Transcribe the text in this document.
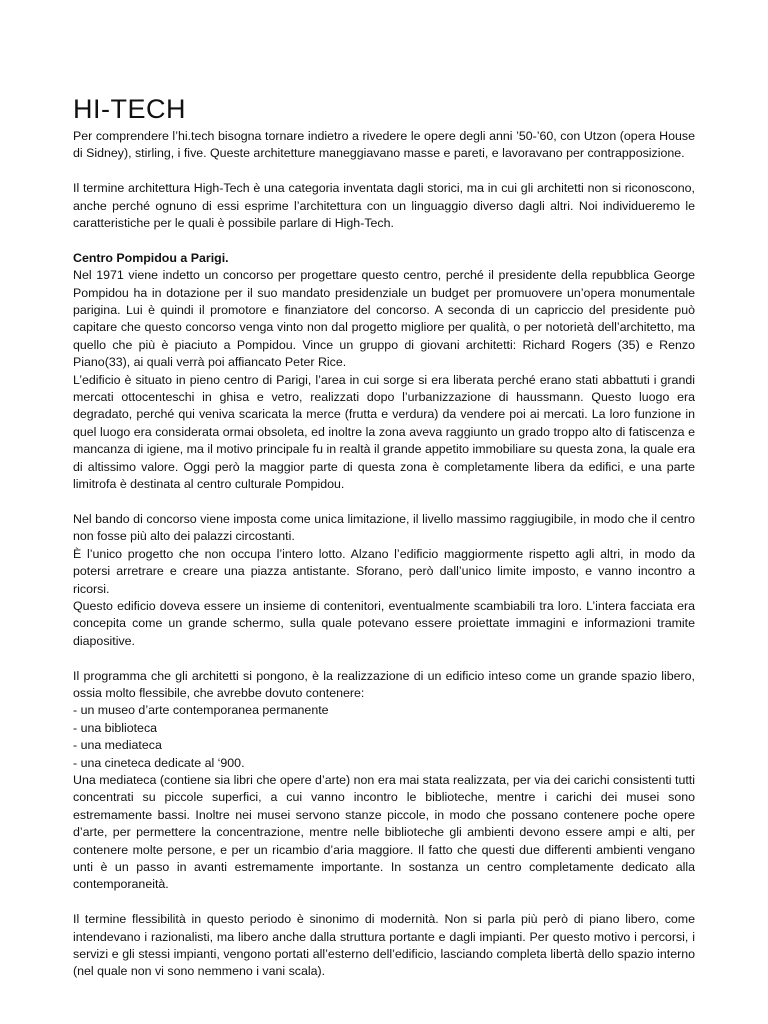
HI-TECH

Per comprendere l’hi.tech bisogna tornare indietro a rivedere le opere degli anni ’50-’60, con Utzon (opera House di Sidney), stirling, i five. Queste architetture maneggiavano masse e pareti, e lavoravano per contrapposizione.

Il termine architettura High-Tech è una categoria inventata dagli storici, ma in cui gli architetti non si riconoscono, anche perché ognuno di essi esprime l’architettura con un linguaggio diverso dagli altri. Noi individueremo le caratteristiche per le quali è possibile parlare di High-Tech.

Centro Pompidou a Parigi.

Nel 1971 viene indetto un concorso per progettare questo centro, perché il presidente della repubblica George Pompidou ha in dotazione per il suo mandato presidenziale un budget per promuovere un’opera monumentale parigina. Lui è quindi il promotore e finanziatore del concorso. A seconda di un capriccio del presidente può capitare che questo concorso venga vinto non dal progetto migliore per qualità, o per notorietà dell’architetto, ma quello che più è piaciuto a Pompidou. Vince un gruppo di giovani architetti: Richard Rogers (35) e Renzo Piano(33), ai quali verrà poi affiancato Peter Rice.

L’edificio è situato in pieno centro di Parigi, l’area in cui sorge si era liberata perché erano stati abbattuti i grandi mercati ottocenteschi in ghisa e vetro, realizzati dopo l’urbanizzazione di haussmann. Questo luogo era degradato, perché qui veniva scaricata la merce (frutta e verdura) da vendere poi ai mercati. La loro funzione in quel luogo era considerata ormai obsoleta, ed inoltre la zona aveva raggiunto un grado troppo alto di fatiscenza e mancanza di igiene, ma il motivo principale fu in realtà il grande appetito immobiliare su questa zona, la quale era di altissimo valore. Oggi però la maggior parte di questa zona è completamente libera da edifici, e una parte limitrofa è destinata al centro culturale Pompidou.

Nel bando di concorso viene imposta come unica limitazione, il livello massimo raggiugibile, in modo che il centro non fosse più alto dei palazzi circostanti.

È l’unico progetto che non occupa l’intero lotto. Alzano l’edificio maggiormente rispetto agli altri, in modo da potersi arretrare e creare una piazza antistante. Sforano, però dall’unico limite imposto, e vanno incontro a ricorsi.

Questo edificio doveva essere un insieme di contenitori, eventualmente scambiabili tra loro. L’intera facciata era concepita come un grande schermo, sulla quale potevano essere proiettate immagini e informazioni tramite diapositive.

Il programma che gli architetti si pongono, è la realizzazione di un edificio inteso come un grande spazio libero, ossia molto flessibile, che avrebbe dovuto contenere:

- un museo d’arte contemporanea permanente
- una biblioteca
- una mediateca
- una cineteca dedicate al ‘900.

Una mediateca (contiene sia libri che opere d’arte) non era mai stata realizzata, per via dei carichi consistenti tutti concentrati su piccole superfici, a cui vanno incontro le biblioteche, mentre i carichi dei musei sono estremamente bassi. Inoltre nei musei servono stanze piccole, in modo che possano contenere poche opere d’arte, per permettere la concentrazione, mentre nelle biblioteche gli ambienti devono essere ampi e alti, per contenere molte persone, e per un ricambio d’aria maggiore. Il fatto che questi due differenti ambienti vengano unti è un passo in avanti estremamente importante. In sostanza un centro completamente dedicato alla contemporaneità.

Il termine flessibilità in questo periodo è sinonimo di modernità. Non si parla più però di piano libero, come intendevano i razionalisti, ma libero anche dalla struttura portante e dagli impianti. Per questo motivo i percorsi, i servizi e gli stessi impianti, vengono portati all’esterno dell’edificio, lasciando completa libertà dello spazio interno (nel quale non vi sono nemmeno i vani scala).
